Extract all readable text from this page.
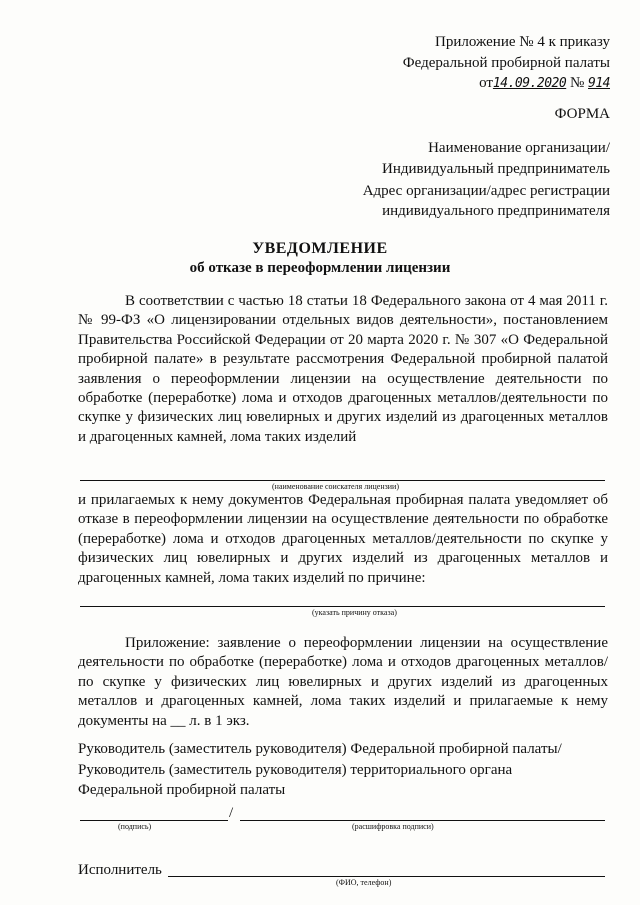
Приложение № 4 к приказу
Федеральной пробирной палаты
от14.09.2020 № 914
ФОРМА
Наименование организации/
Индивидуальный предприниматель
Адрес организации/адрес регистрации
индивидуального предпринимателя
УВЕДОМЛЕНИЕ
об отказе в переоформлении лицензии
В соответствии с частью 18 статьи 18 Федерального закона от 4 мая 2011 г. № 99-ФЗ «О лицензировании отдельных видов деятельности», постановлением Правительства Российской Федерации от 20 марта 2020 г. № 307 «О Федеральной пробирной палате» в результате рассмотрения Федеральной пробирной палатой заявления о переоформлении лицензии на осуществление деятельности по обработке (переработке) лома и отходов драгоценных металлов/деятельности по скупке у физических лиц ювелирных и других изделий из драгоценных металлов и драгоценных камней, лома таких изделий
(наименование соискателя лицензии)
и прилагаемых к нему документов Федеральная пробирная палата уведомляет об отказе в переоформлении лицензии на осуществление деятельности по обработке (переработке) лома и отходов драгоценных металлов/деятельности по скупке у физических лиц ювелирных и других изделий из драгоценных металлов и драгоценных камней, лома таких изделий по причине:
(указать причину отказа)
Приложение: заявление о переоформлении лицензии на осуществление деятельности по обработке (переработке) лома и отходов драгоценных металлов/по скупке у физических лиц ювелирных и других изделий из драгоценных металлов и драгоценных камней, лома таких изделий и прилагаемые к нему документы на __ л. в 1 экз.
Руководитель (заместитель руководителя) Федеральной пробирной палаты/
Руководитель (заместитель руководителя) территориального органа
Федеральной пробирной палаты
/
(подпись)	(расшифровка подписи)
Исполнитель
(ФИО, телефон)
